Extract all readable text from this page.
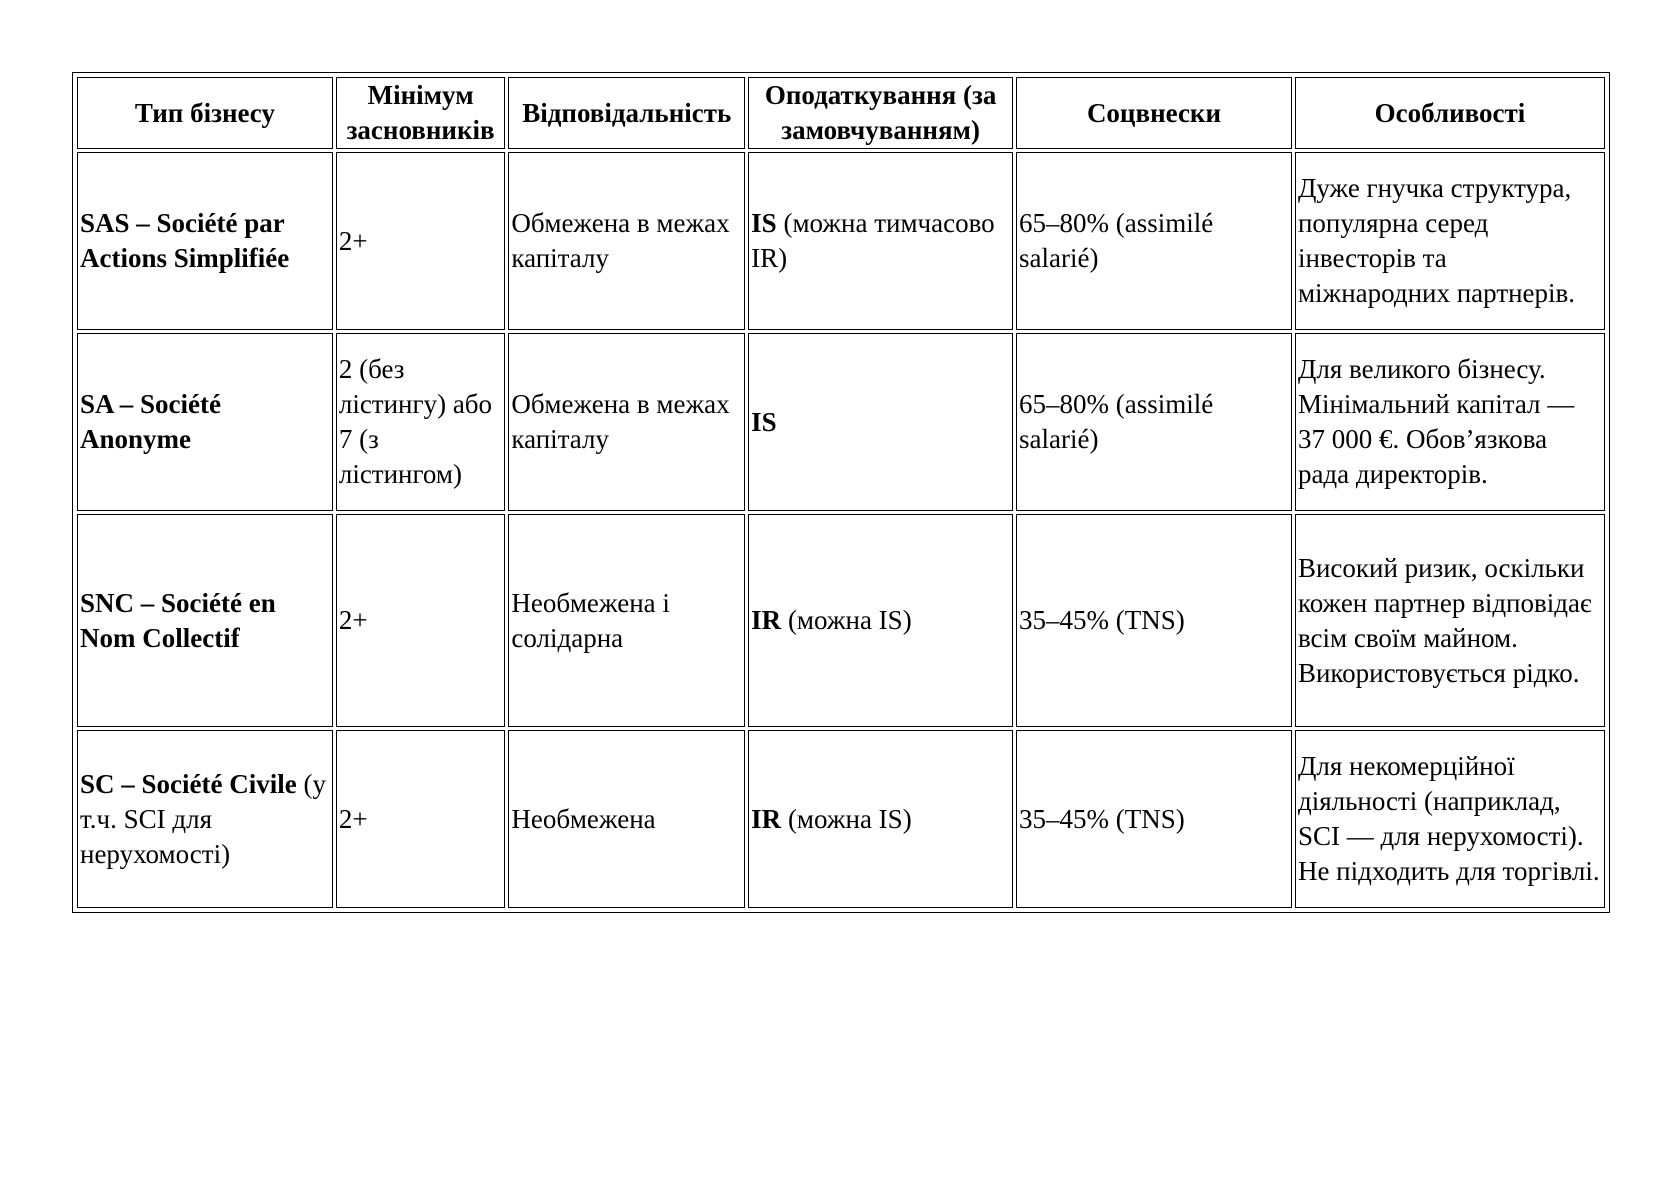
Тип бізнесу	Мінімум засновників	Відповідальність	Оподаткування (за замовчуванням)	Соцвнески	Особливості
SAS – Société par Actions Simplifiée	2+	Обмежена в межах капіталу	IS (можна тимчасово IR)	65–80% (assimilé salarié)	Дуже гнучка структура, популярна серед інвесторів та міжнародних партнерів.
SA – Société Anonyme	2 (без лістингу) або 7 (з лістингом)	Обмежена в межах капіталу	IS	65–80% (assimilé salarié)	Для великого бізнесу. Мінімальний капітал — 37 000 €. Обов’язкова рада директорів.
SNC – Société en Nom Collectif	2+	Необмежена і солідарна	IR (можна IS)	35–45% (TNS)	Високий ризик, оскільки кожен партнер відповідає всім своїм майном. Використовується рідко.
SC – Société Civile (у т.ч. SCI для нерухомості)	2+	Необмежена	IR (можна IS)	35–45% (TNS)	Для некомерційної діяльності (наприклад, SCI — для нерухомості). Не підходить для торгівлі.
